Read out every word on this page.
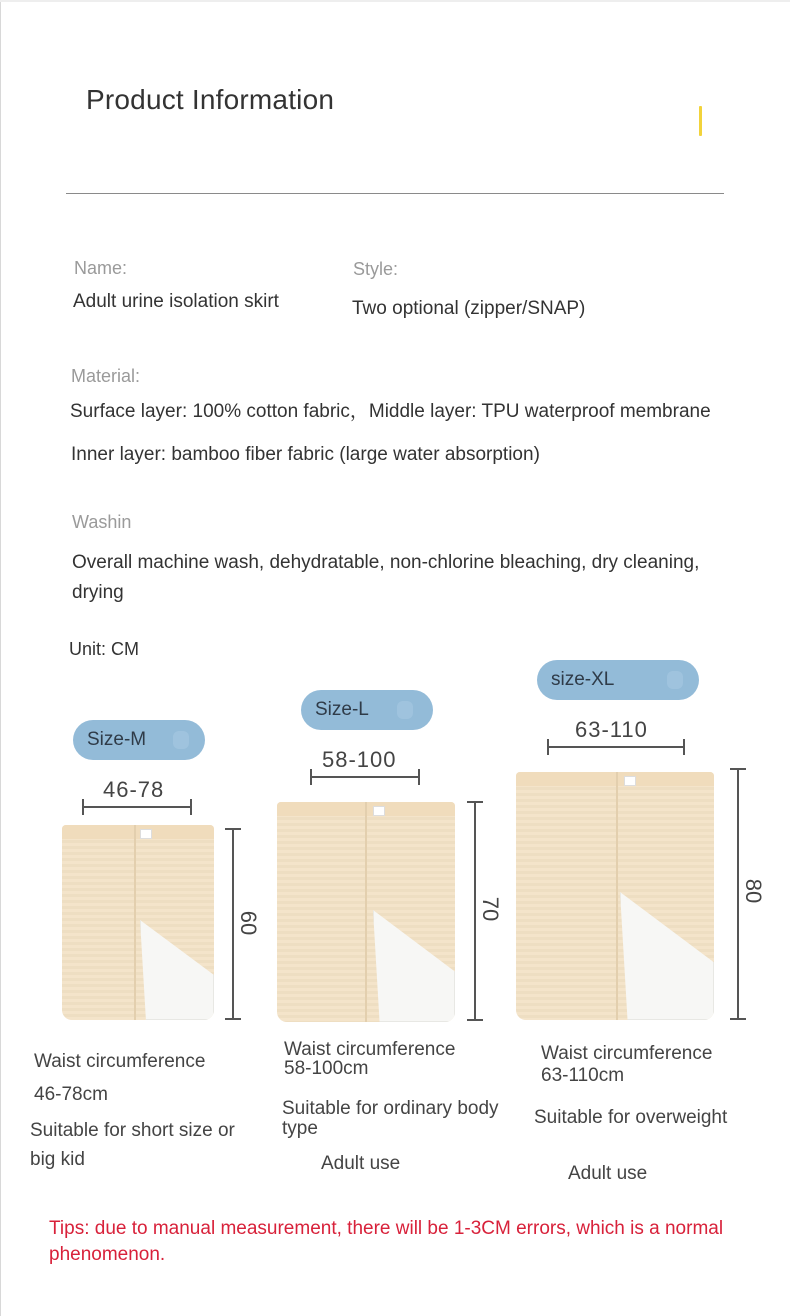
Product Information
Name:
Adult urine isolation skirt
Style:
Two optional (zipper/SNAP)
Material:
Surface layer: 100% cotton fabric，Middle layer: TPU waterproof membrane
Inner layer: bamboo fiber fabric (large water absorption)
Washin
Overall machine wash, dehydratable, non-chlorine bleaching, dry cleaning,
drying
Unit: CM
Size-M
46-78
60
Size-L
58-100
70
size-XL
63-110
80
Waist circumference
46-78cm
Suitable for short size or
big kid
Waist circumference
58-100cm
Suitable for ordinary body
type
Adult use
Waist circumference
63-110cm
Suitable for overweight
Adult use
Tips: due to manual measurement, there will be 1-3CM errors, which is a normal
phenomenon.
